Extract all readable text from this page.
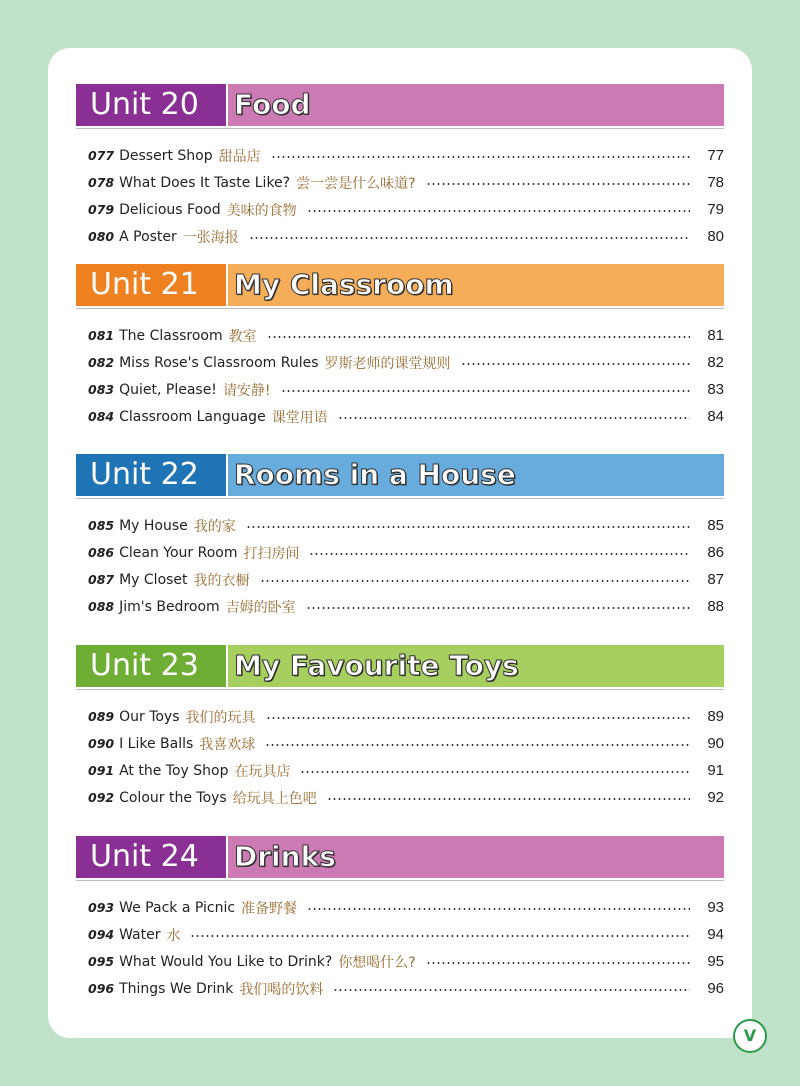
Unit 20	Food
077 Dessert Shop 甜品店	77
078 What Does It Taste Like? 尝一尝是什么味道?	78
079 Delicious Food 美味的食物	79
080 A Poster 一张海报	80
Unit 21	My Classroom
081 The Classroom 教室	81
082 Miss Rose's Classroom Rules 罗斯老师的课堂规则	82
083 Quiet, Please! 请安静!	83
084 Classroom Language 课堂用语	84
Unit 22	Rooms in a House
085 My House 我的家	85
086 Clean Your Room 打扫房间	86
087 My Closet 我的衣橱	87
088 Jim's Bedroom 吉姆的卧室	88
Unit 23	My Favourite Toys
089 Our Toys 我们的玩具	89
090 I Like Balls 我喜欢球	90
091 At the Toy Shop 在玩具店	91
092 Colour the Toys 给玩具上色吧	92
Unit 24	Drinks
093 We Pack a Picnic 准备野餐	93
094 Water 水	94
095 What Would You Like to Drink? 你想喝什么?	95
096 Things We Drink 我们喝的饮料	96
V
